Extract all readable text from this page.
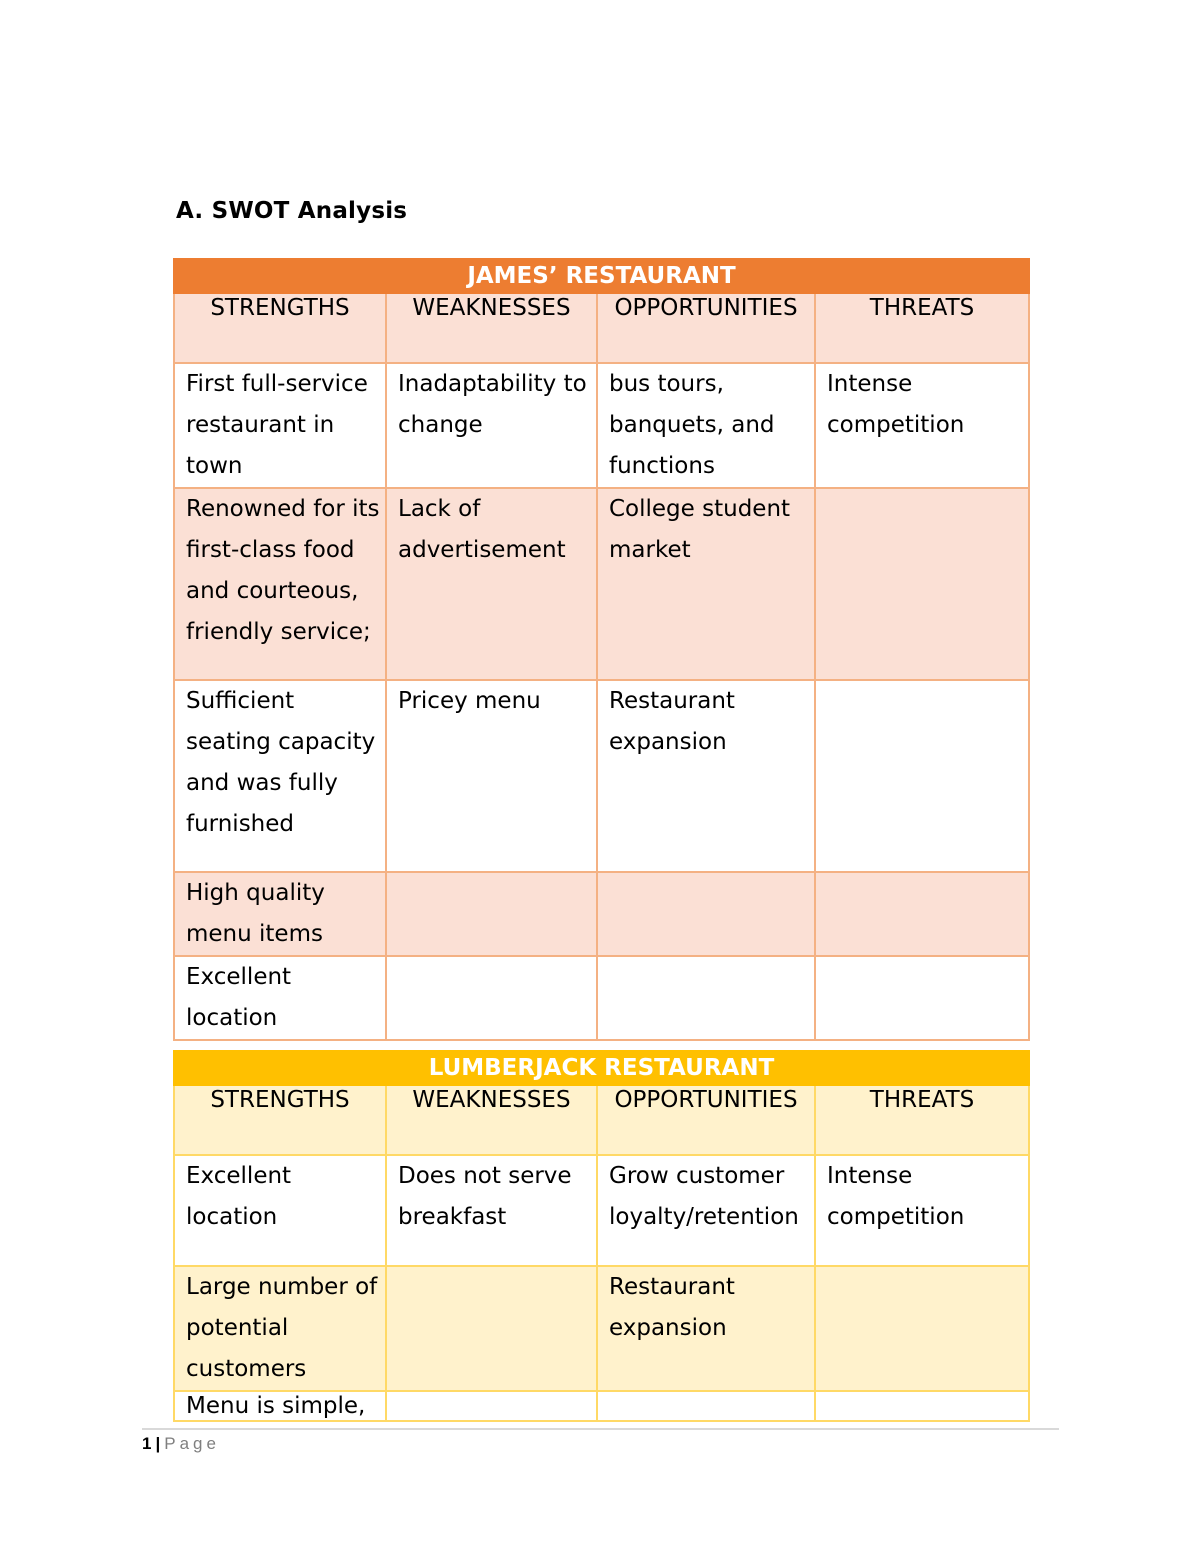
A. SWOT Analysis
JAMES’ RESTAURANT			
STRENGTHS	WEAKNESSES	OPPORTUNITIES	THREATS
First full-service restaurant in town	Inadaptability to change	bus tours, banquets, and functions	Intense competition
Renowned for its first-class food and courteous, friendly service;	Lack of advertisement	College student market	
Sufficient seating capacity and was fully furnished	Pricey menu	Restaurant expansion	
High quality menu items			
Excellent location			
LUMBERJACK RESTAURANT			
STRENGTHS	WEAKNESSES	OPPORTUNITIES	THREATS
Excellent location	Does not serve breakfast	Grow customer loyalty/retention	Intense competition
Large number of potential customers		Restaurant expansion	
Menu is simple,			
1 | Page
